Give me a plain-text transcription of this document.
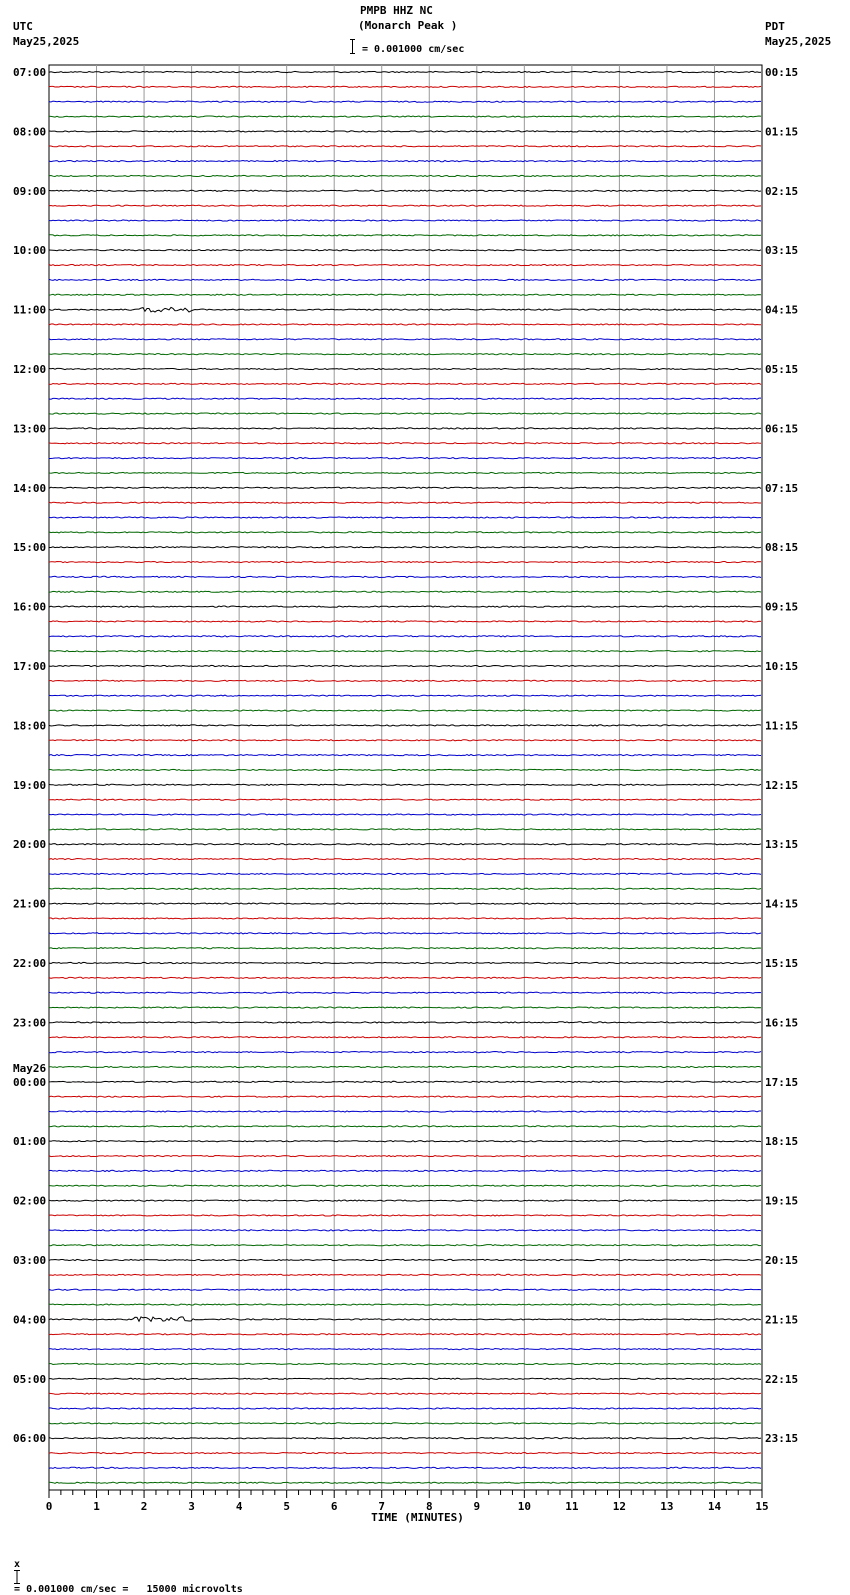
PMPB HHZ NC
(Monarch Peak )
UTC
May25,2025
PDT
May25,2025
= 0.001000 cm/sec
07:00	00:15
08:00	01:15
09:00	02:15
10:00	03:15
11:00	04:15
12:00	05:15
13:00	06:15
14:00	07:15
15:00	08:15
16:00	09:15
17:00	10:15
18:00	11:15
19:00	12:15
20:00	13:15
21:00	14:15
22:00	15:15
23:00	16:15
00:00	17:15
01:00	18:15
02:00	19:15
03:00	20:15
04:00	21:15
05:00	22:15
06:00	23:15
May26
0	1	2	3	4	5	6	7	8	9	10	11	12	13	14	15
TIME (MINUTES)

x

= 0.001000 cm/sec =   15000 microvolts
